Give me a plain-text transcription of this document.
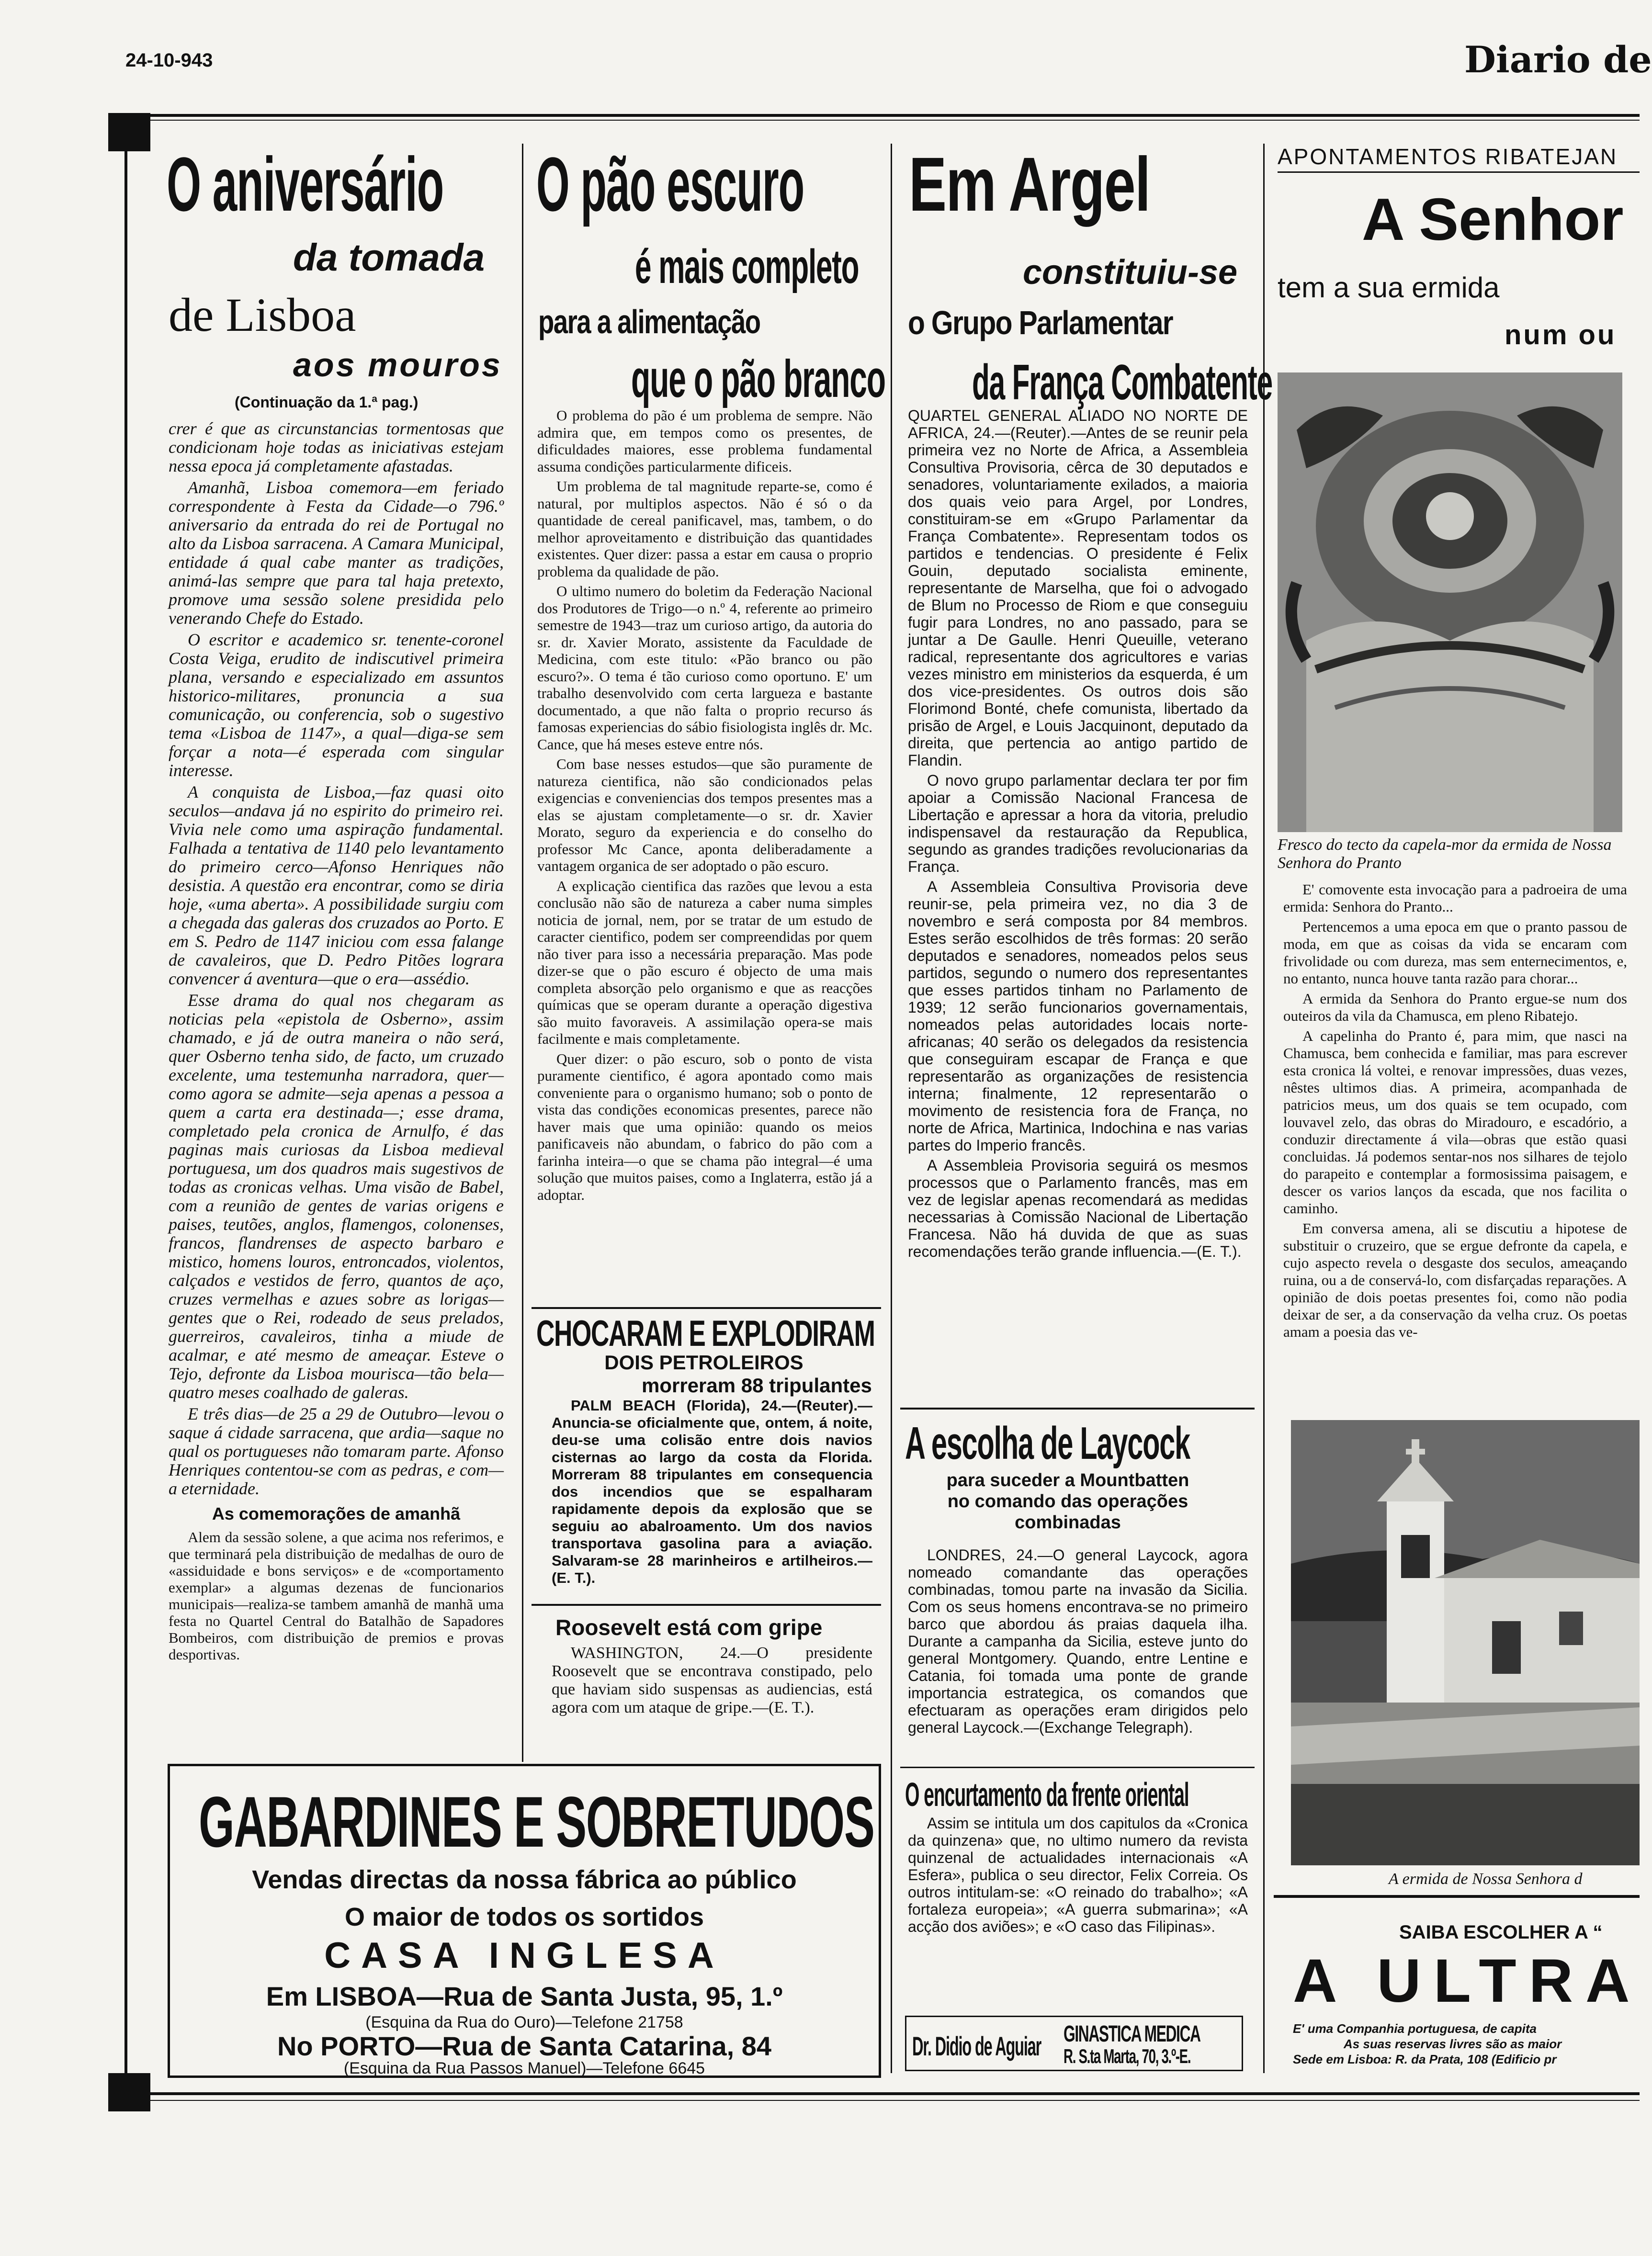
24-10-943	Diario de
O aniversário
da tomada
de Lisboa
aos mouros
(Continuação da 1.ª pag.)

crer é que as circunstancias tormentosas que condicionam hoje todas as iniciativas estejam nessa epoca já completamente afastadas.

Amanhã, Lisboa comemora—em feriado correspondente à Festa da Cidade—o 796.º aniversario da entrada do rei de Portugal no alto da Lisboa sarracena. A Camara Municipal, entidade á qual cabe manter as tradições, animá-las sempre que para tal haja pretexto, promove uma sessão solene presidida pelo venerando Chefe do Estado.

O escritor e academico sr. tenente-coronel Costa Veiga, erudito de indiscutivel primeira plana, versando e especializado em assuntos historico-militares, pronuncia a sua comunicação, ou conferencia, sob o sugestivo tema «Lisboa de 1147», a qual—diga-se sem forçar a nota—é esperada com singular interesse.

A conquista de Lisboa,—faz quasi oito seculos—andava já no espirito do primeiro rei. Vivia nele como uma aspiração fundamental. Falhada a tentativa de 1140 pelo levantamento do primeiro cerco—Afonso Henriques não desistia. A questão era encontrar, como se diria hoje, «uma aberta». A possibilidade surgiu com a chegada das galeras dos cruzados ao Porto. E em S. Pedro de 1147 iniciou com essa falange de cavaleiros, que D. Pedro Pitões lograra convencer á aventura—que o era—assédio.

Esse drama do qual nos chegaram as noticias pela «epistola de Osberno», assim chamado, e já de outra maneira o não será, quer Osberno tenha sido, de facto, um cruzado excelente, uma testemunha narradora, quer—como agora se admite—seja apenas a pessoa a quem a carta era destinada—; esse drama, completado pela cronica de Arnulfo, é das paginas mais curiosas da Lisboa medieval portuguesa, um dos quadros mais sugestivos de todas as cronicas velhas. Uma visão de Babel, com a reunião de gentes de varias origens e paises, teutões, anglos, flamengos, colonenses, francos, flandrenses de aspecto barbaro e mistico, homens louros, entroncados, violentos, calçados e vestidos de ferro, quantos de aço, cruzes vermelhas e azues sobre as lorigas—gentes que o Rei, rodeado de seus prelados, guerreiros, cavaleiros, tinha a miude de acalmar, e até mesmo de ameaçar. Esteve o Tejo, defronte da Lisboa mourisca—tão bela—quatro meses coalhado de galeras.

E três dias—de 25 a 29 de Outubro—levou o saque á cidade sarracena, que ardia—saque no qual os portugueses não tomaram parte. Afonso Henriques contentou-se com as pedras, e com—a eternidade.

As comemorações de amanhã

Alem da sessão solene, a que acima nos referimos, e que terminará pela distribuição de medalhas de ouro de «assiduidade e bons serviços» e de «comportamento exemplar» a algumas dezenas de funcionarios municipais—realiza-se tambem amanhã de manhã uma festa no Quartel Central do Batalhão de Sapadores Bombeiros, com distribuição de premios e provas desportivas.

O pão escuro
é mais completo
para a alimentação
que o pão branco

O problema do pão é um problema de sempre. Não admira que, em tempos como os presentes, de dificuldades maiores, esse problema fundamental assuma condições particularmente dificeis.

Um problema de tal magnitude reparte-se, como é natural, por multiplos aspectos. Não é só o da quantidade de cereal panificavel, mas, tambem, o do melhor aproveitamento e distribuição das quantidades existentes. Quer dizer: passa a estar em causa o proprio problema da qualidade de pão.

O ultimo numero do boletim da Federação Nacional dos Produtores de Trigo—o n.º 4, referente ao primeiro semestre de 1943—traz um curioso artigo, da autoria do sr. dr. Xavier Morato, assistente da Faculdade de Medicina, com este titulo: «Pão branco ou pão escuro?». O tema é tão curioso como oportuno. E' um trabalho desenvolvido com certa largueza e bastante documentado, a que não falta o proprio recurso ás famosas experiencias do sábio fisiologista inglês dr. Mc. Cance, que há meses esteve entre nós.

Com base nesses estudos—que são puramente de natureza cientifica, não são condicionados pelas exigencias e conveniencias dos tempos presentes mas a elas se ajustam completamente—o sr. dr. Xavier Morato, seguro da experiencia e do conselho do professor Mc Cance, aponta deliberadamente a vantagem organica de ser adoptado o pão escuro.

A explicação cientifica das razões que levou a esta conclusão não são de natureza a caber numa simples noticia de jornal, nem, por se tratar de um estudo de caracter cientifico, podem ser compreendidas por quem não tiver para isso a necessária preparação. Mas pode dizer-se que o pão escuro é objecto de uma mais completa absorção pelo organismo e que as reacções químicas que se operam durante a operação digestiva são muito favoraveis. A assimilação opera-se mais facilmente e mais completamente.

Quer dizer: o pão escuro, sob o ponto de vista puramente cientifico, é agora apontado como mais conveniente para o organismo humano; sob o ponto de vista das condições economicas presentes, parece não haver mais que uma opinião: quando os meios panificaveis não abundam, o fabrico do pão com a farinha inteira—o que se chama pão integral—é uma solução que muitos paises, como a Inglaterra, estão já a adoptar.

CHOCARAM E EXPLODIRAM
DOIS PETROLEIROS
morreram 88 tripulantes

PALM BEACH (Florida), 24.—(Reuter).—Anuncia-se oficialmente que, ontem, á noite, deu-se uma colisão entre dois navios cisternas ao largo da costa da Florida. Morreram 88 tripulantes em consequencia dos incendios que se espalharam rapidamente depois da explosão que se seguiu ao abalroamento. Um dos navios transportava gasolina para a aviação. Salvaram-se 28 marinheiros e artilheiros.—(E. T.).

Roosevelt está com gripe

WASHINGTON, 24.—O presidente Roosevelt que se encontrava constipado, pelo que haviam sido suspensas as audiencias, está agora com um ataque de gripe.—(E. T.).

Em Argel
constituiu-se
o Grupo Parlamentar
da França Combatente

QUARTEL GENERAL ALIADO NO NORTE DE AFRICA, 24.—(Reuter).—Antes de se reunir pela primeira vez no Norte de Africa, a Assembleia Consultiva Provisoria, cêrca de 30 deputados e senadores, voluntariamente exilados, a maioria dos quais veio para Argel, por Londres, constituiram-se em «Grupo Parlamentar da França Combatente». Representam todos os partidos e tendencias. O presidente é Felix Gouin, deputado socialista eminente, representante de Marselha, que foi o advogado de Blum no Processo de Riom e que conseguiu fugir para Londres, no ano passado, para se juntar a De Gaulle. Henri Queuille, veterano radical, representante dos agricultores e varias vezes ministro em ministerios da esquerda, é um dos vice-presidentes. Os outros dois são Florimond Bonté, chefe comunista, libertado da prisão de Argel, e Louis Jacquinont, deputado da direita, que pertencia ao antigo partido de Flandin.

O novo grupo parlamentar declara ter por fim apoiar a Comissão Nacional Francesa de Libertação e apressar a hora da vitoria, preludio indispensavel da restauração da Republica, segundo as grandes tradições revolucionarias da França.

A Assembleia Consultiva Provisoria deve reunir-se, pela primeira vez, no dia 3 de novembro e será composta por 84 membros. Estes serão escolhidos de três formas: 20 serão deputados e senadores, nomeados pelos seus partidos, segundo o numero dos representantes que esses partidos tinham no Parlamento de 1939; 12 serão funcionarios governamentais, nomeados pelas autoridades locais norte-africanas; 40 serão os delegados da resistencia que conseguiram escapar de França e que representarão as organizações de resistencia interna; finalmente, 12 representarão o movimento de resistencia fora de França, no norte de Africa, Martinica, Indochina e nas varias partes do Imperio francês.

A Assembleia Provisoria seguirá os mesmos processos que o Parlamento francês, mas em vez de legislar apenas recomendará as medidas necessarias à Comissão Nacional de Libertação Francesa. Não há duvida de que as suas recomendações terão grande influencia.—(E. T.).

A escolha de Laycock
para suceder a Mountbatten no comando das operações combinadas

LONDRES, 24.—O general Laycock, agora nomeado comandante das operações combinadas, tomou parte na invasão da Sicilia. Com os seus homens encontrava-se no primeiro barco que abordou ás praias daquela ilha. Durante a campanha da Sicilia, esteve junto do general Montgomery. Quando, entre Lentine e Catania, foi tomada uma ponte de grande importancia estrategica, os comandos que efectuaram as operações eram dirigidos pelo general Laycock.—(Exchange Telegraph).

O encurtamento da frente oriental

Assim se intitula um dos capitulos da «Cronica da quinzena» que, no ultimo numero da revista quinzenal de actualidades internacionais «A Esfera», publica o seu director, Felix Correia. Os outros intitulam-se: «O reinado do trabalho»; «A fortaleza europeia»; «A guerra submarina»; «A acção dos aviões»; e «O caso das Filipinas».

Dr. Didio de Aguiar GINASTICA MEDICA
R. S.ta Marta, 70, 3.º-E.
APONTAMENTOS RIBATEJAN
A Senhor
tem a sua ermida
num ou
Fresco do tecto da capela-mor da ermida de Nossa Senhora do Pranto

E' comovente esta invocação para a padroeira de uma ermida: Senhora do Pranto...

Pertencemos a uma epoca em que o pranto passou de moda, em que as coisas da vida se encaram com frivolidade ou com dureza, mas sem enternecimentos, e, no entanto, nunca houve tanta razão para chorar...

A ermida da Senhora do Pranto ergue-se num dos outeiros da vila da Chamusca, em pleno Ribatejo.

A capelinha do Pranto é, para mim, que nasci na Chamusca, bem conhecida e familiar, mas para escrever esta cronica lá voltei, e renovar impressões, duas vezes, nêstes ultimos dias. A primeira, acompanhada de patricios meus, um dos quais se tem ocupado, com louvavel zelo, das obras do Miradouro, e escadório, a conduzir directamente á vila—obras que estão quasi concluidas. Já podemos sentar-nos nos silhares de tejolo do parapeito e contemplar a formosissima paisagem, e descer os varios lanços da escada, que nos facilita o caminho.

Em conversa amena, ali se discutiu a hipotese de substituir o cruzeiro, que se ergue defronte da capela, e cujo aspecto revela o desgaste dos seculos, ameaçando ruina, ou a de conservá-lo, com disfarçadas reparações. A opinião de dois poetas presentes foi, como não podia deixar de ser, a da conservação da velha cruz. Os poetas amam a poesia das ve-

A ermida de Nossa Senhora d
SAIBA ESCOLHER A “
A ULTRA
E' uma Companhia portuguesa, de capita
As suas reservas livres são as maior
Sede em Lisboa: R. da Prata, 108 (Edificio pr
GABARDINES E SOBRETUDOS
Vendas directas da nossa fábrica ao público
O maior de todos os sortidos
CASA INGLESA
Em LISBOA—Rua de Santa Justa, 95, 1.º
(Esquina da Rua do Ouro)—Telefone 21758
No PORTO—Rua de Santa Catarina, 84
(Esquina da Rua Passos Manuel)—Telefone 6645
